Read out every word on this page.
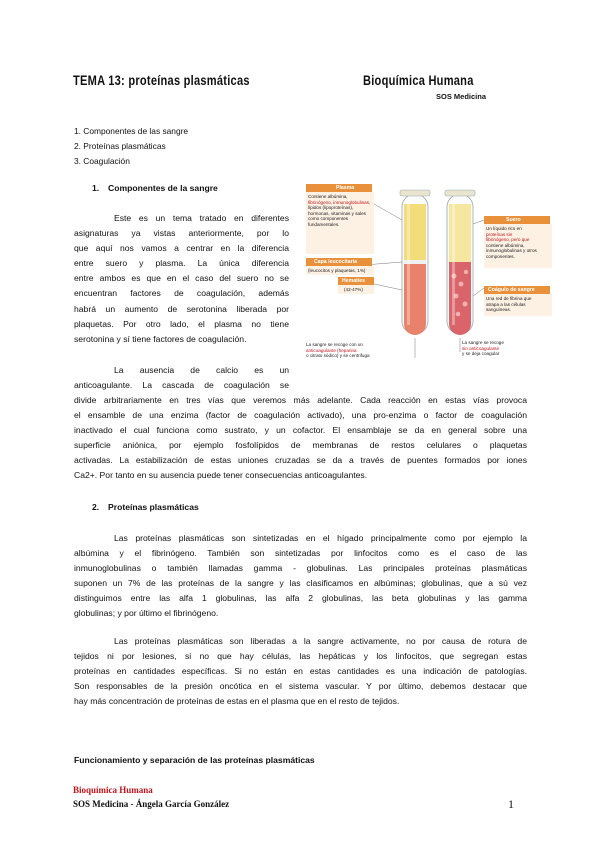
TEMA 13: proteínas plasmáticas	Bioquímica Humana
SOS Medicina
1. Componentes de las sangre
2. Proteínas plasmáticas
3. Coagulación
1. Componentes de la sangre
Este es un tema tratado en diferentes
asignaturas ya vistas anteriormente, por lo
que aquí nos vamos a centrar en la diferencia
entre suero y plasma. La única diferencia
entre ambos es que en el caso del suero no se
encuentran factores de coagulación, además
habrá un aumento de serotonina liberada por
plaquetas. Por otro lado, el plasma no tiene
serotonina y sí tiene factores de coagulación.
La ausencia de calcio es un
anticoagulante. La cascada de coagulación se
divide arbitrariamente en tres vías que veremos más adelante. Cada reacción en estas vías provoca
el ensamble de una enzima (factor de coagulación activado), una pro-enzima o factor de coagulación
inactivado el cual funciona como sustrato, y un cofactor. El ensamblaje se da en general sobre una
superficie aniónica, por ejemplo fosfolípidos de membranas de restos celulares o plaquetas
activadas. La estabilización de estas uniones cruzadas se da a través de puentes formados por iones
Ca2+. Por tanto en su ausencia puede tener consecuencias anticoagulantes.
Plasma
Contiene albúmina,
fibrinógeno, inmunoglobulinas,
lípidos (lipoproteínas),
hormonas, vitaminas y sales
como componentes
fundamentales.
Capa leucocitaria
(leucocitos y plaquetas, 1%)
Hematíes
(42-47%)
La sangre se recoge con un
anticoagulante (heparina
o citrato sódico) y se centrifuga
Suero
Un líquido rico en
proteínas sin
fibrinógeno, pero que
contiene albúmina,
inmunoglobulinas y otros
componentes.
Coágulo de sangre
Una red de fibrina que
atrapa a las células
sanguíneas.
La sangre se recoge
sin anticoagulante
y se deja coagular
2. Proteínas plasmáticas
Las proteínas plasmáticas son sintetizadas en el hígado principalmente como por ejemplo la
albúmina y el fibrinógeno. También son sintetizadas por linfocitos como es el caso de las
inmunoglobulinas o también llamadas gamma - globulinas. Las principales proteínas plasmáticas
suponen un 7% de las proteínas de la sangre y las clasificamos en albúminas; globulinas, que a sú vez
distinguimos entre las alfa 1 globulinas, las alfa 2 globulinas, las beta globulinas y las gamma
globulinas; y por último el fibrinógeno.
Las proteínas plasmáticas son liberadas a la sangre activamente, no por causa de rotura de
tejidos ni por lesiones, si no que hay células, las hepáticas y los linfocitos, que segregan estas
proteínas en cantidades específicas. Si no están en estas cantidades es una indicación de patologías.
Son responsables de la presión oncótica en el sistema vascular. Y por último, debemos destacar que
hay más concentración de proteínas de estas en el plasma que en el resto de tejidos.
Funcionamiento y separación de las proteínas plasmáticas
Bioquímica Humana
SOS Medicina - Ángela García González	1
